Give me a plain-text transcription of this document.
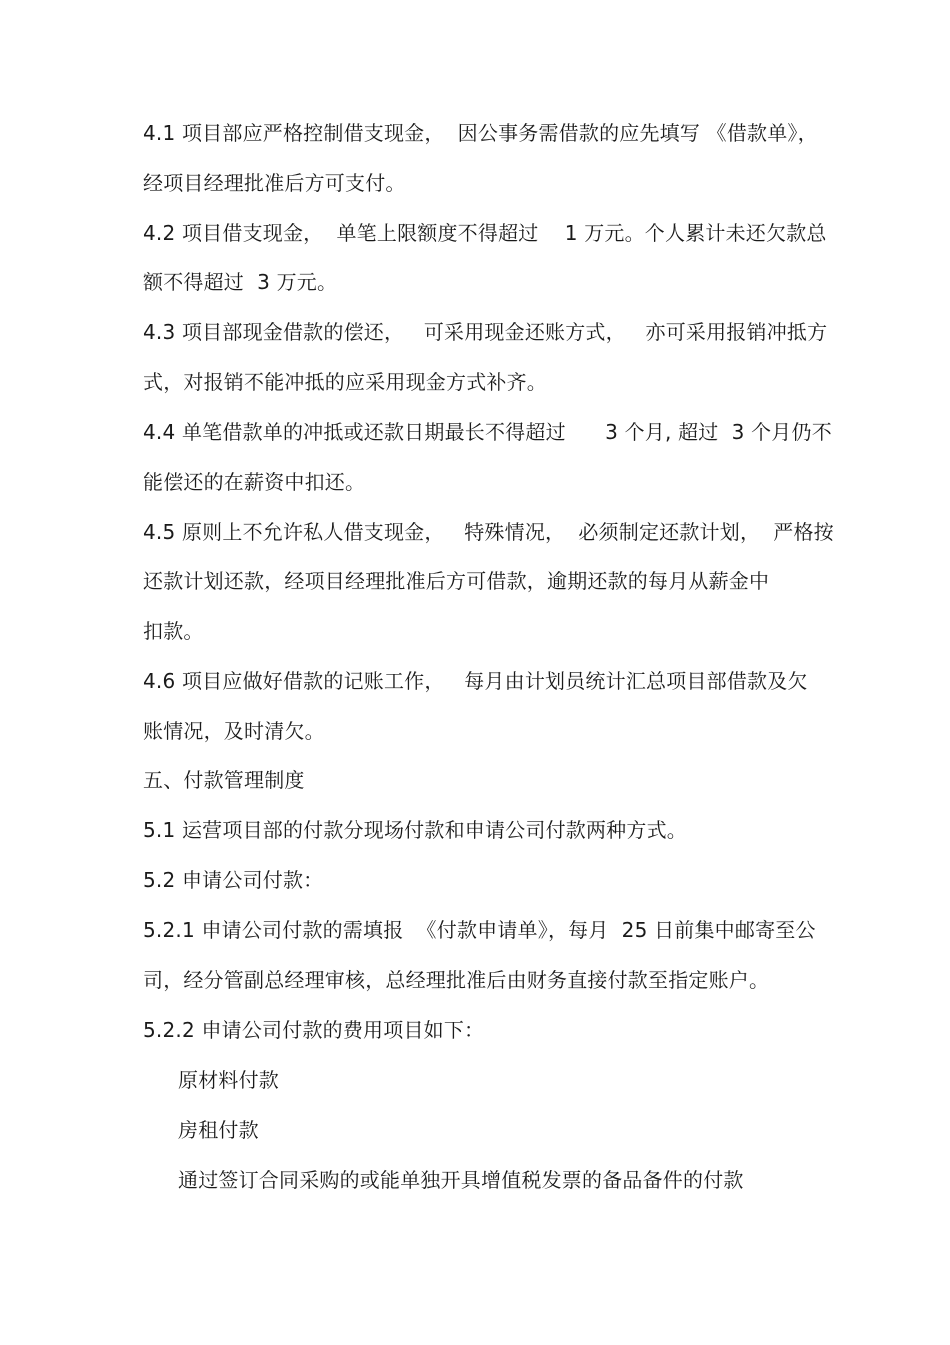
4.1 项目部应严格控制借支现金，  因公事务需借款的应先填写 《借款单》，
经项目经理批准后方可支付。
4.2 项目借支现金，  单笔上限额度不得超过    1 万元。个人累计未还欠款总
额不得超过  3 万元。
4.3 项目部现金借款的偿还，   可采用现金还账方式，   亦可采用报销冲抵方
式，对报销不能冲抵的应采用现金方式补齐。
4.4 单笔借款单的冲抵或还款日期最长不得超过      3 个月, 超过  3 个月仍不
能偿还的在薪资中扣还。
4.5 原则上不允许私人借支现金，   特殊情况，  必须制定还款计划，  严格按
还款计划还款，经项目经理批准后方可借款，逾期还款的每月从薪金中
扣款。
4.6 项目应做好借款的记账工作，   每月由计划员统计汇总项目部借款及欠
账情况，及时清欠。
五、付款管理制度
5.1 运营项目部的付款分现场付款和申请公司付款两种方式。
5.2 申请公司付款：
5.2.1 申请公司付款的需填报  《付款申请单》，每月  25 日前集中邮寄至公
司，经分管副总经理审核，总经理批准后由财务直接付款至指定账户。
5.2.2 申请公司付款的费用项目如下：
原材料付款
房租付款
通过签订合同采购的或能单独开具增值税发票的备品备件的付款
